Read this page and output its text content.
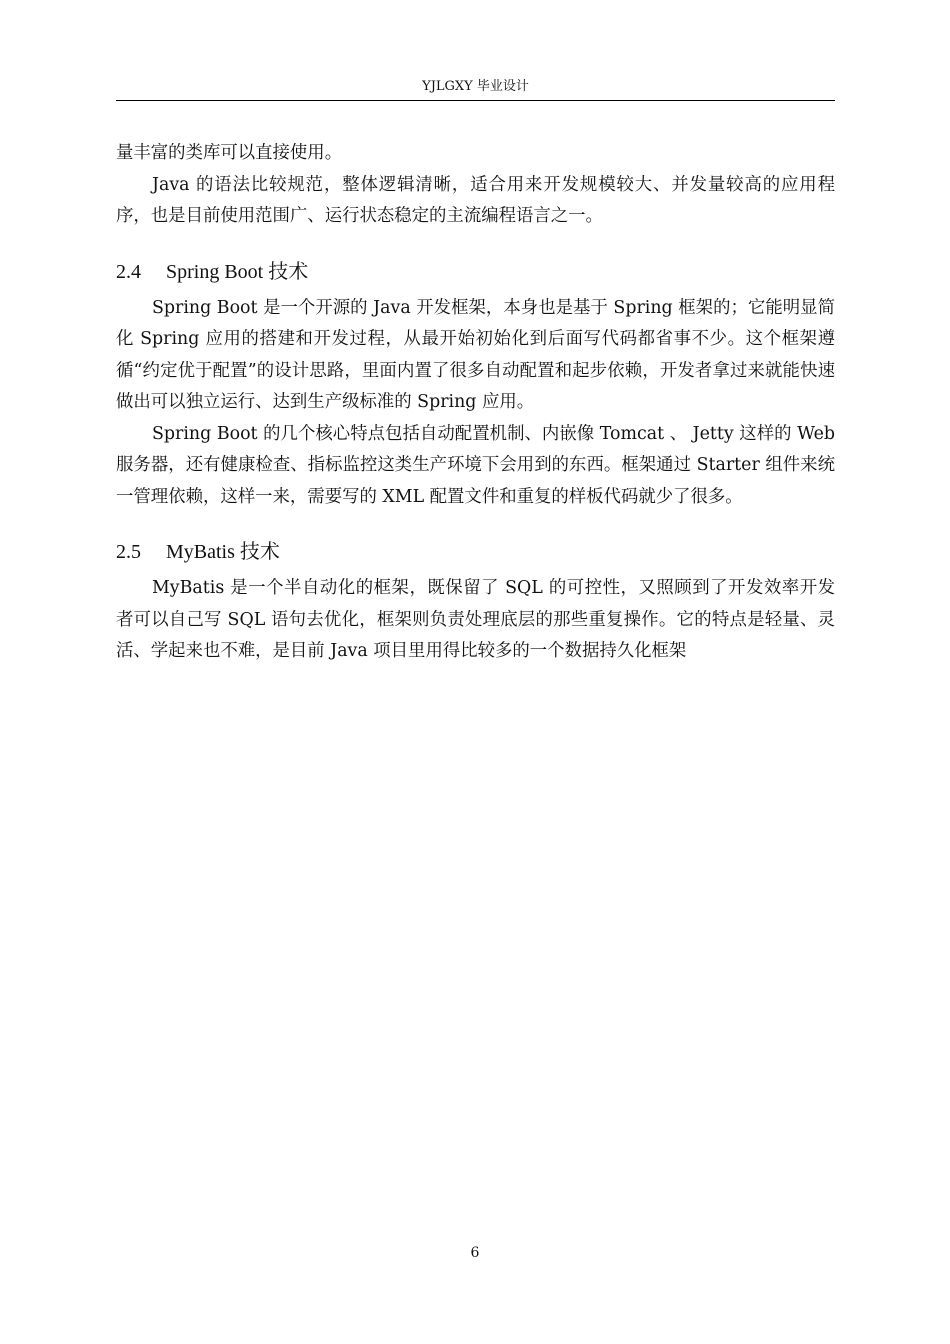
YJLGXY 毕业设计

量丰富的类库可以直接使用。

Java 的语法比较规范，整体逻辑清晰，适合用来开发规模较大、并发量较高的应用程序，也是目前使用范围广、运行状态稳定的主流编程语言之一。

2.4 Spring Boot 技术

Spring Boot 是一个开源的 Java 开发框架，本身也是基于 Spring 框架的；它能明显简化 Spring 应用的搭建和开发过程，从最开始初始化到后面写代码都省事不少。这个框架遵循“约定优于配置”的设计思路，里面内置了很多自动配置和起步依赖，开发者拿过来就能快速做出可以独立运行、达到生产级标准的 Spring 应用。

Spring Boot 的几个核心特点包括自动配置机制、内嵌像 Tomcat 、 Jetty 这样的 Web 服务器，还有健康检查、指标监控这类生产环境下会用到的东西。框架通过 Starter 组件来统一管理依赖，这样一来，需要写的 XML 配置文件和重复的样板代码就少了很多。

2.5 MyBatis 技术

MyBatis 是一个半自动化的框架，既保留了 SQL 的可控性，又照顾到了开发效率开发者可以自己写 SQL 语句去优化，框架则负责处理底层的那些重复操作。它的特点是轻量、灵活、学起来也不难，是目前 Java 项目里用得比较多的一个数据持久化框架

6
